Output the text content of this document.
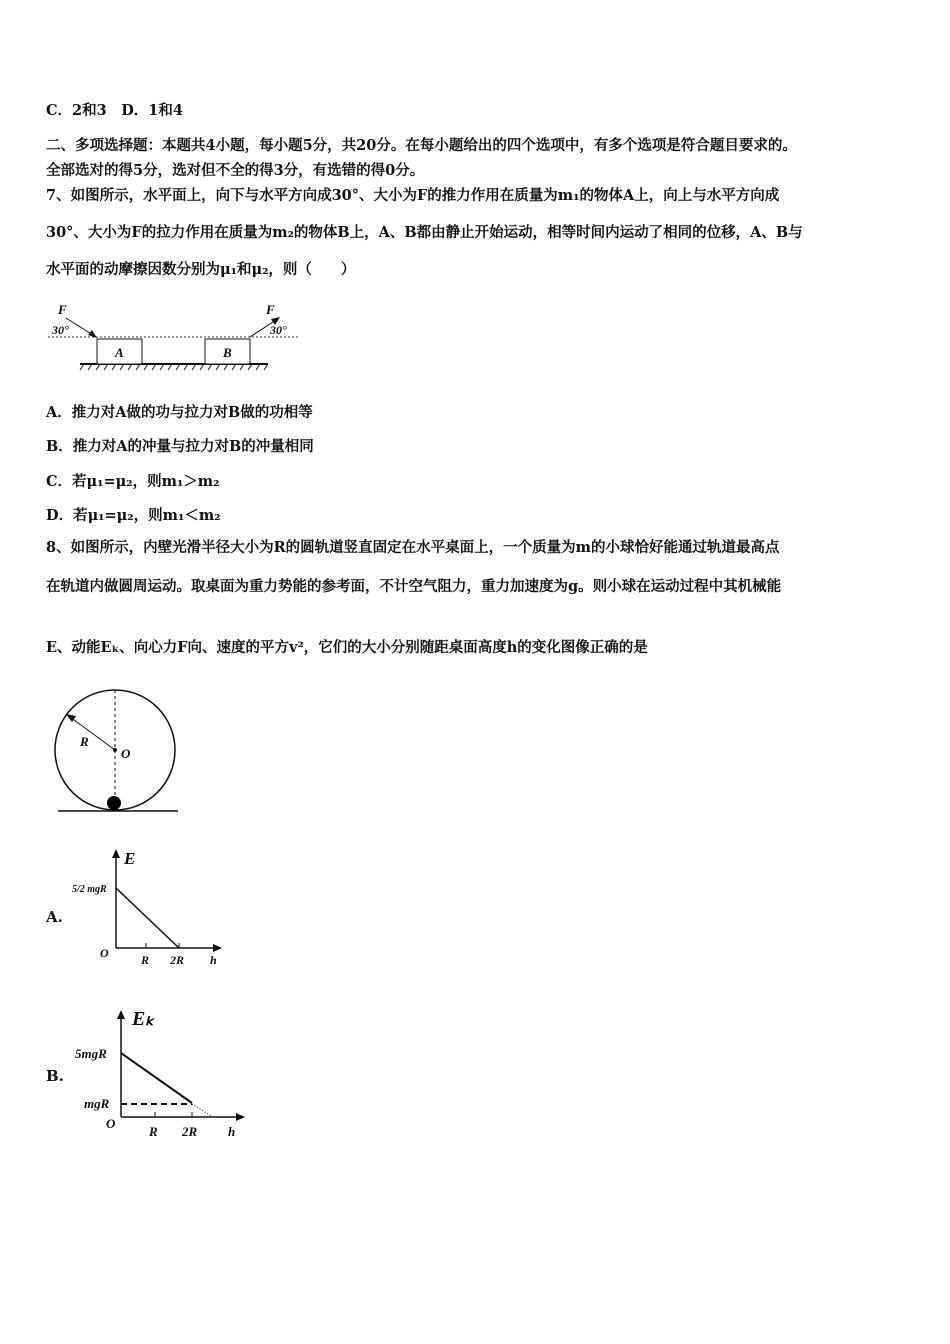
C．2和3　D．1和4
二、多项选择题：本题共4小题，每小题5分，共20分。在每小题给出的四个选项中，有多个选项是符合题目要求的。
全部选对的得5分，选对但不全的得3分，有选错的得0分。
7、如图所示，水平面上，向下与水平方向成30°、大小为F的推力作用在质量为m₁的物体A上，向上与水平方向成
30°、大小为F的拉力作用在质量为m₂的物体B上，A、B都由静止开始运动，相等时间内运动了相同的位移，A、B与
水平面的动摩擦因数分别为μ₁和μ₂，则（　　）
A	B
F	F
30°	30°
A．推力对A做的功与拉力对B做的功相等
B．推力对A的冲量与拉力对B的冲量相同
C．若μ₁=μ₂，则m₁＞m₂
D．若μ₁=μ₂，则m₁＜m₂
8、如图所示，内壁光滑半径大小为R的圆轨道竖直固定在水平桌面上，一个质量为m的小球恰好能通过轨道最高点
在轨道内做圆周运动。取桌面为重力势能的参考面，不计空气阻力，重力加速度为g。则小球在运动过程中其机械能
E、动能Eₖ、向心力F向、速度的平方v²，它们的大小分别随距桌面高度h的变化图像正确的是
R
O
E
5/2 mgR
O	R 2R h
Eₖ
5mgR
mgR
O
R 2R h
A.
B.
